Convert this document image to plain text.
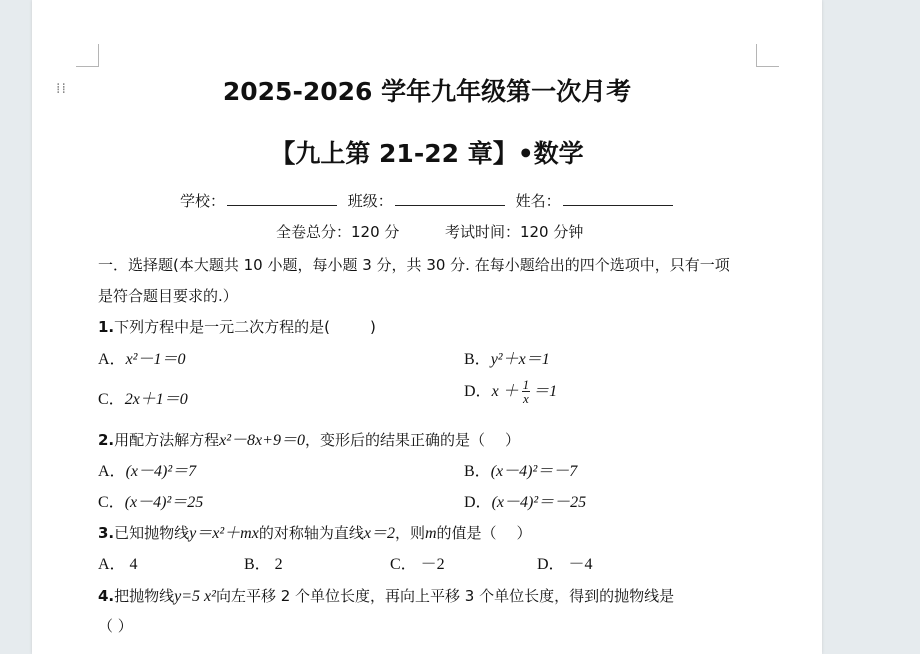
⁞⁞	2025-2026 学年九年级第一次月考
【九上第 21-22 章】•数学
学校：	班级：	姓名：
全卷总分：120 分	考试时间：120 分钟
一．选择题(本大题共 10 小题，每小题 3 分，共 30 分. 在每小题给出的四个选项中，只有一项
是符合题目要求的.）
1.下列方程中是一元二次方程的是(	)
A．x²－1＝0	B．y²＋x＝1
C．2x＋1＝0	D．$x + \frac{1}{x} =1$
2.用配方法解方程x²－8x+9＝0，变形后的结果正确的是（ ）
A．(x－4)²＝7	B．(x－4)²＝－7
C．(x－4)²＝25	D．(x－4)²＝－25
3.已知抛物线y＝x²＋mx的对称轴为直线x＝2，则m的值是（ ）
A． 4	B． 2	C． －2	D． －4
4.把抛物线y=5 x²向左平移 2 个单位长度，再向上平移 3 个单位长度，得到的抛物线是
（ ）
